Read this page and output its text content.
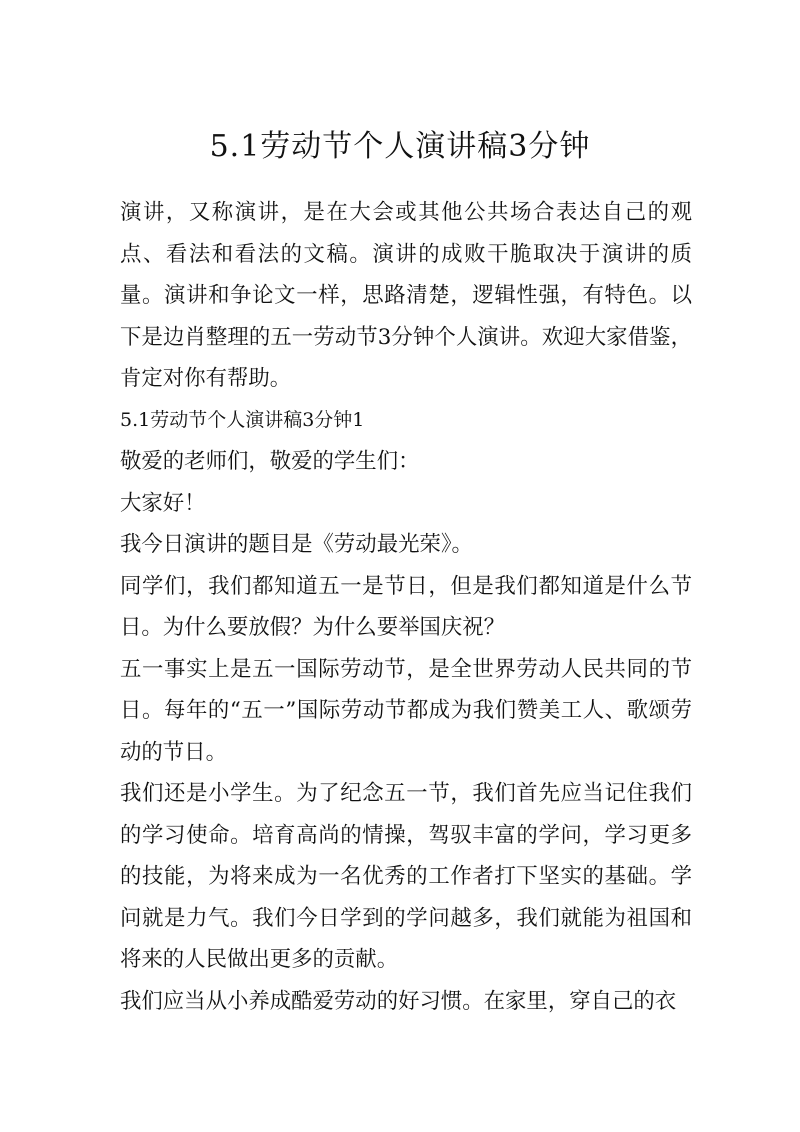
5.1劳动节个人演讲稿3分钟

演讲，又称演讲，是在大会或其他公共场合表达自己的观点、看法和看法的文稿。演讲的成败干脆取决于演讲的质量。演讲和争论文一样，思路清楚，逻辑性强，有特色。以下是边肖整理的五一劳动节3分钟个人演讲。欢迎大家借鉴，肯定对你有帮助。

5.1劳动节个人演讲稿3分钟1

敬爱的老师们，敬爱的学生们：

大家好！

我今日演讲的题目是《劳动最光荣》。

同学们，我们都知道五一是节日，但是我们都知道是什么节日。为什么要放假？为什么要举国庆祝？

五一事实上是五一国际劳动节，是全世界劳动人民共同的节日。每年的“五一”国际劳动节都成为我们赞美工人、歌颂劳动的节日。

我们还是小学生。为了纪念五一节，我们首先应当记住我们的学习使命。培育高尚的情操，驾驭丰富的学问，学习更多的技能，为将来成为一名优秀的工作者打下坚实的基础。学问就是力气。我们今日学到的学问越多，我们就能为祖国和将来的人民做出更多的贡献。

我们应当从小养成酷爱劳动的好习惯。在家里，穿自己的衣
